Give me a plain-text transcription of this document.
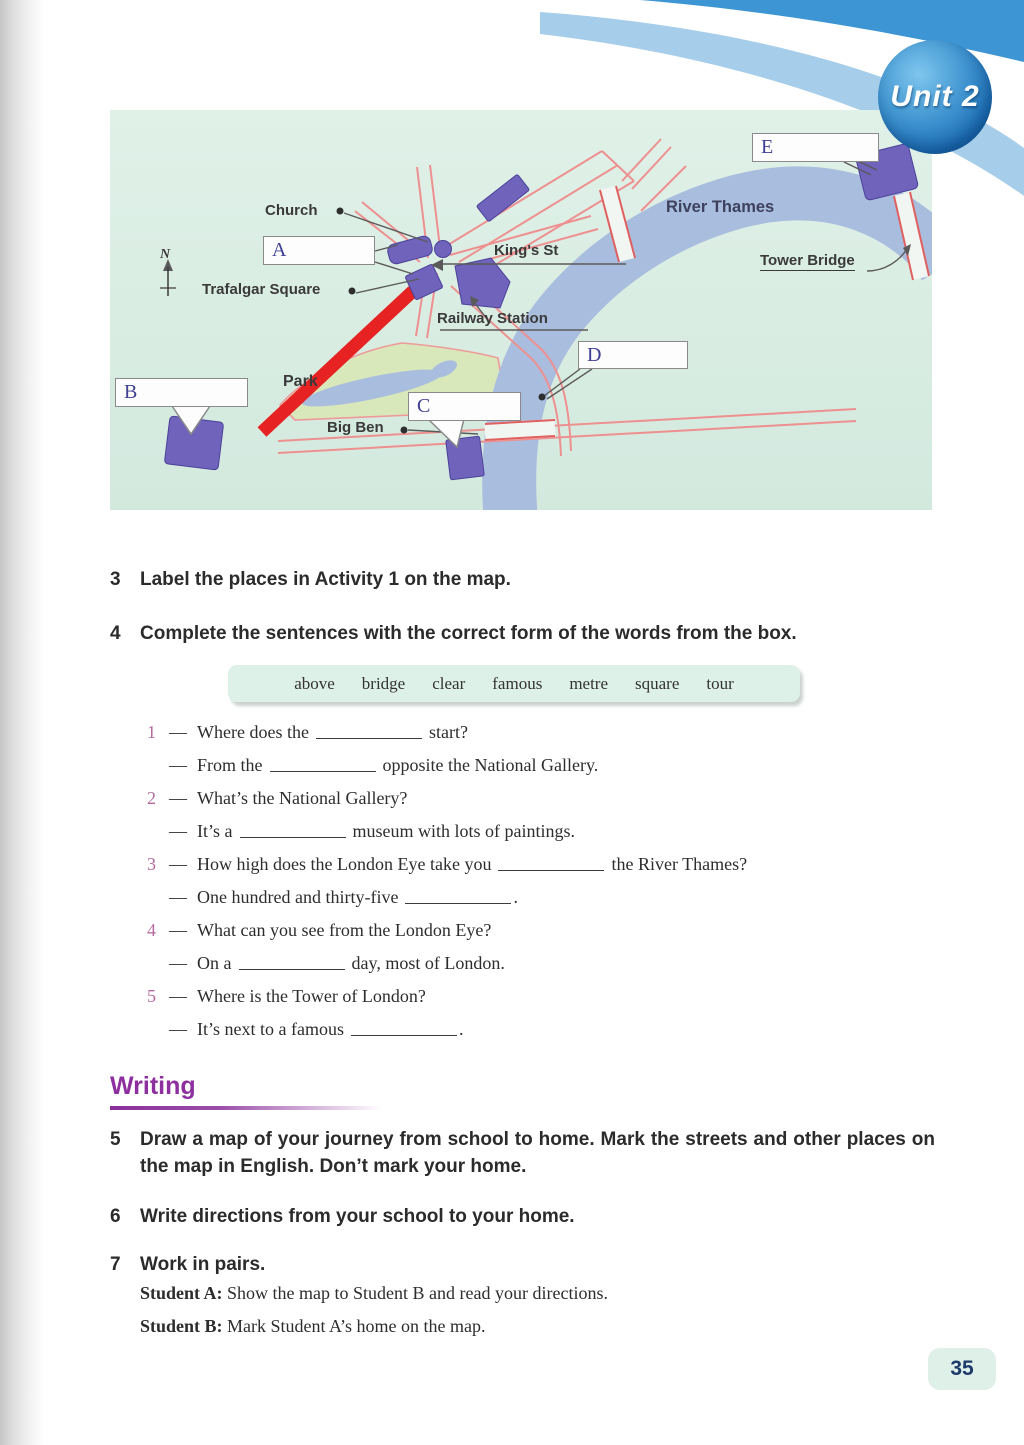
N
Church
King's St
River Thames
Tower Bridge
Trafalgar Square
Railway Station
Park
Big Ben
A
B
C
D
E
Unit 2
3	Label the places in Activity 1 on the map.
4	Complete the sentences with the correct form of the words from the box.
above bridge clear famous metre square tour
1 — Where does the	start?
— From the	opposite the National Gallery.
2 — What’s the National Gallery?
— It’s a	museum with lots of paintings.
3 — How high does the London Eye take you	the River Thames?
— One hundred and thirty-five	.
4 — What can you see from the London Eye?
— On a	day, most of London.
5 — Where is the Tower of London?
— It’s next to a famous	.
Writing
5	Draw a map of your journey from school to home. Mark the streets and other places on the map in English. Don’t mark your home.
6	Write directions from your school to your home.
7	Work in pairs.
Student A: Show the map to Student B and read your directions.
Student B: Mark Student A’s home on the map.
35
